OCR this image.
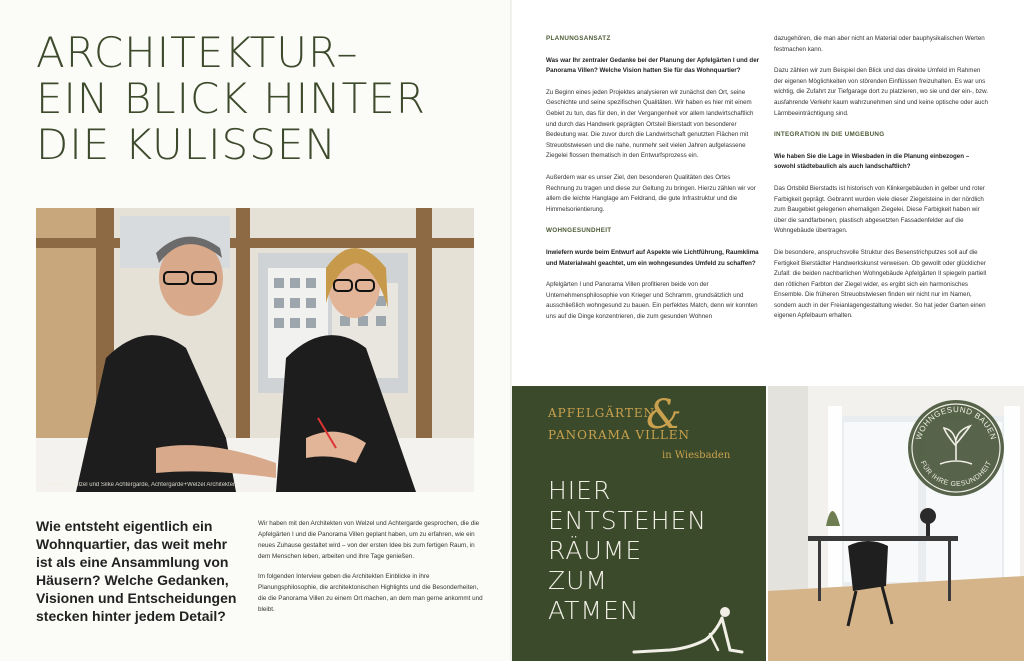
ARCHITEKTUR–
EIN BLICK HINTER
DIE KULISSEN
Johannes Welzel und Silke Achtergarde, Achtergarde+Welzel Architekten

Wie entsteht eigentlich ein Wohnquartier, das weit mehr ist als eine Ansammlung von Häusern? Welche Gedanken, Visionen und Entscheidungen stecken hinter jedem Detail?

Wir haben mit den Architekten von Welzel und Achtergarde gesprochen, die die Apfelgärten I und die Panorama Villen geplant haben, um zu erfahren, wie ein neues Zuhause gestaltet wird – von der ersten Idee bis zum fertigen Raum, in dem Menschen leben, arbeiten und ihre Tage genießen.

Im folgenden Interview geben die Architekten Einblicke in ihre Planungsphilosophie, die architektonischen Highlights und die Besonderheiten, die die Panorama Villen zu einem Ort machen, an dem man gerne ankommt und bleibt.

PLANUNGSANSATZ

Was war Ihr zentraler Gedanke bei der Planung der Apfelgärten I und der Panorama Villen? Welche Vision hatten Sie für das Wohnquartier?

Zu Beginn eines jeden Projektes analysieren wir zunächst den Ort, seine Geschichte und seine spezifischen Qualitäten. Wir haben es hier mit einem Gebiet zu tun, das für den, in der Vergangenheit vor allem landwirtschaftlich und durch das Handwerk geprägten Ortsteil Bierstadt von besonderer Bedeutung war. Die zuvor durch die Landwirtschaft genutzten Flächen mit Streuobstwiesen und die nahe, nunmehr seit vielen Jahren aufgelassene Ziegelei flossen thematisch in den Entwurfsprozess ein.

Außerdem war es unser Ziel, den besonderen Qualitäten des Ortes Rechnung zu tragen und diese zur Geltung zu bringen. Hierzu zählen wir vor allem die leichte Hanglage am Feldrand, die gute Infrastruktur und die Himmelsorientierung.

WOHNGESUNDHEIT

Inwiefern wurde beim Entwurf auf Aspekte wie Lichtführung, Raumklima und Materialwahl geachtet, um ein wohngesundes Umfeld zu schaffen?

Apfelgärten I und Panorama Villen profitieren beide von der Unternehmensphilosophie von Krieger und Schramm, grundsätzlich und ausschließlich wohngesund zu bauen. Ein perfektes Match, denn wir konnten uns auf die Dinge konzentrieren, die zum gesunden Wohnen

dazugehören, die man aber nicht an Material oder bauphysikalischen Werten festmachen kann.

Dazu zählen wir zum Beispiel den Blick und das direkte Umfeld im Rahmen der eigenen Möglichkeiten von störenden Einflüssen freizuhalten. Es war uns wichtig, die Zufahrt zur Tiefgarage dort zu platzieren, wo sie und der ein-, bzw. ausfahrende Verkehr kaum wahrzunehmen sind und keine optische oder auch Lärmbeeinträchtigung sind.

INTEGRATION IN DIE UMGEBUNG

Wie haben Sie die Lage in Wiesbaden in die Planung einbezogen – sowohl städtebaulich als auch landschaftlich?

Das Ortsbild Bierstadts ist historisch von Klinkergebäuden in gelber und roter Farbigkeit geprägt. Gebrannt wurden viele dieser Ziegelsteine in der nördlich zum Baugebiet gelegenen ehemaligen Ziegelei. Diese Farbigkeit haben wir über die sandfarbenen, plastisch abgesetzten Fassadenfelder auf die Wohngebäude übertragen.

Die besondere, anspruchsvolle Struktur des Besenstrichputzes soll auf die Fertigkeit Bierstädter Handwerkskunst verweisen. Ob gewollt oder glücklicher Zufall: die beiden nachbarlichen Wohngebäude Apfelgärten II spiegeln partiell den rötlichen Farbton der Ziegel wider, es ergibt sich ein harmonisches Ensemble. Die früheren Streuobstwiesen finden wir nicht nur im Namen, sondern auch in der Freianlagengestaltung wieder. So hat jeder Garten einen eigenen Apfelbaum erhalten.

&
APFELGÄRTEN
PANORAMA VILLEN
in Wiesbaden
HIER
ENTSTEHEN
RÄUME
ZUM
ATMEN
WOHNGESUND BAUEN
FÜR IHRE GESUNDHEIT
